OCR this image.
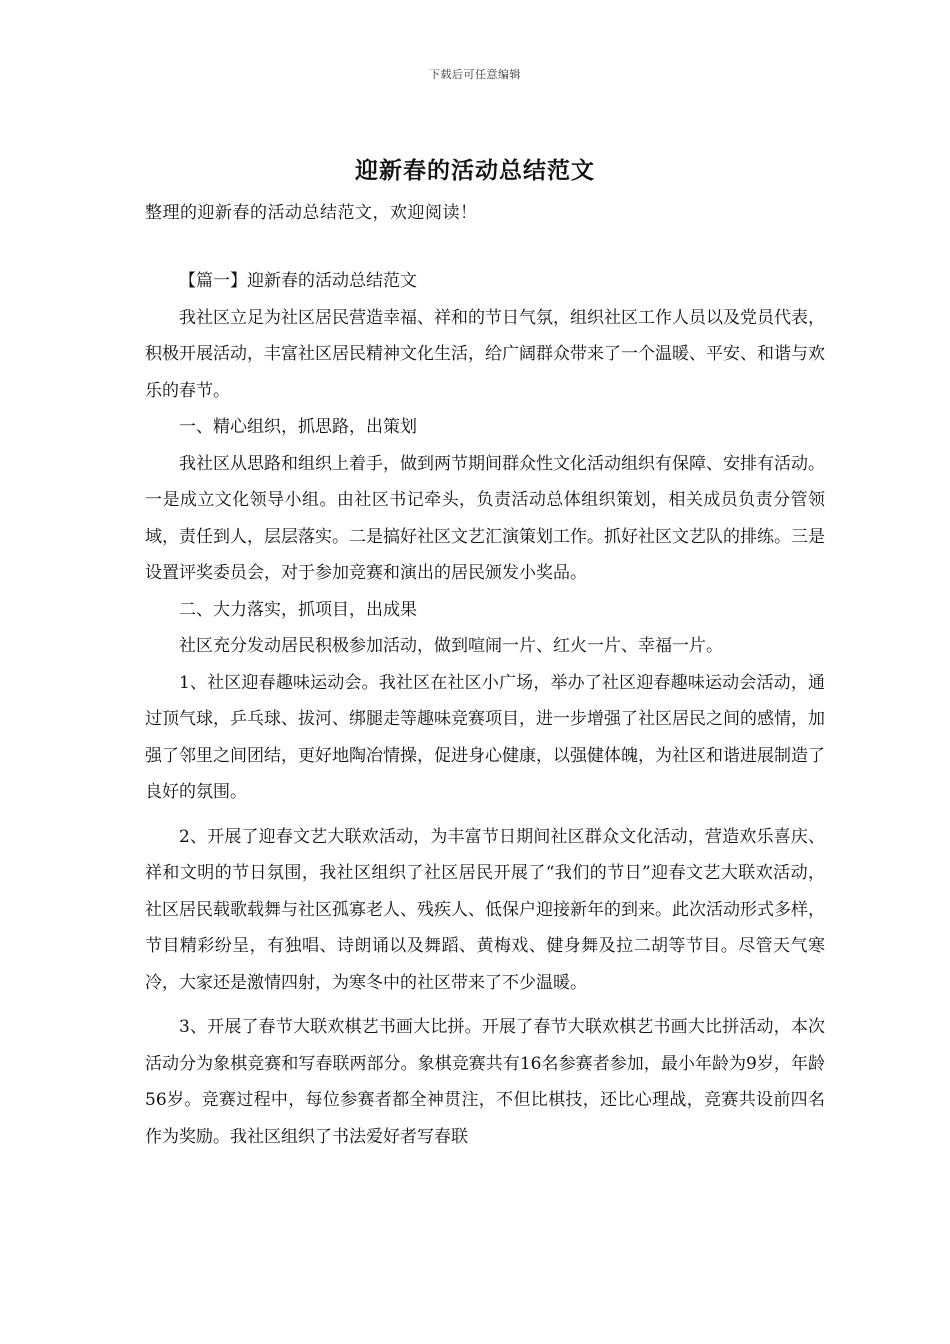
下载后可任意编辑
迎新春的活动总结范文
整理的迎新春的活动总结范文，欢迎阅读！

【篇一】迎新春的活动总结范文

我社区立足为社区居民营造幸福、祥和的节日气氛，组织社区工作人员以及党员代表，积极开展活动，丰富社区居民精神文化生活，给广阔群众带来了一个温暖、平安、和谐与欢乐的春节。

一、精心组织，抓思路，出策划

我社区从思路和组织上着手，做到两节期间群众性文化活动组织有保障、安排有活动。一是成立文化领导小组。由社区书记牵头，负责活动总体组织策划，相关成员负责分管领域，责任到人，层层落实。二是搞好社区文艺汇演策划工作。抓好社区文艺队的排练。三是设置评奖委员会，对于参加竞赛和演出的居民颁发小奖品。

二、大力落实，抓项目，出成果

社区充分发动居民积极参加活动，做到喧闹一片、红火一片、幸福一片。

1、社区迎春趣味运动会。我社区在社区小广场，举办了社区迎春趣味运动会活动，通过顶气球，乒乓球、拔河、绑腿走等趣味竞赛项目，进一步增强了社区居民之间的感情，加强了邻里之间团结，更好地陶冶情操，促进身心健康，以强健体魄，为社区和谐进展制造了良好的氛围。

2、开展了迎春文艺大联欢活动，为丰富节日期间社区群众文化活动，营造欢乐喜庆、祥和文明的节日氛围，我社区组织了社区居民开展了“我们的节日”迎春文艺大联欢活动，社区居民载歌载舞与社区孤寡老人、残疾人、低保户迎接新年的到来。此次活动形式多样，节目精彩纷呈，有独唱、诗朗诵以及舞蹈、黄梅戏、健身舞及拉二胡等节目。尽管天气寒冷，大家还是激情四射，为寒冬中的社区带来了不少温暖。

3、开展了春节大联欢棋艺书画大比拼。开展了春节大联欢棋艺书画大比拼活动，本次活动分为象棋竞赛和写春联两部分。象棋竞赛共有16名参赛者参加，最小年龄为9岁，年龄56岁。竞赛过程中，每位参赛者都全神贯注，不但比棋技，还比心理战，竞赛共设前四名作为奖励。我社区组织了书法爱好者写春联
